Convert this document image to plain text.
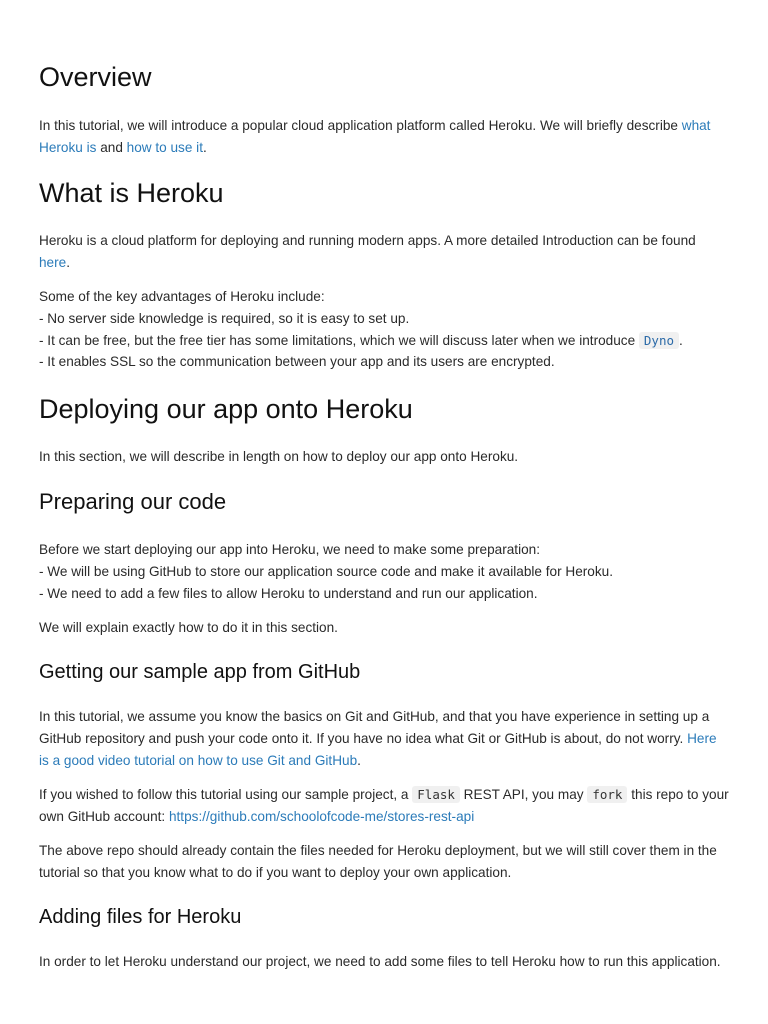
Overview

In this tutorial, we will introduce a popular cloud application platform called Heroku. We will briefly describe what Heroku is and how to use it.

What is Heroku

Heroku is a cloud platform for deploying and running modern apps. A more detailed Introduction can be found here.

Some of the key advantages of Heroku include:
- No server side knowledge is required, so it is easy to set up.
- It can be free, but the free tier has some limitations, which we will discuss later when we introduce Dyno .
- It enables SSL so the communication between your app and its users are encrypted.
Deploying our app onto Heroku

In this section, we will describe in length on how to deploy our app onto Heroku.

Preparing our code
Before we start deploying our app into Heroku, we need to make some preparation:
- We will be using GitHub to store our application source code and make it available for Heroku.
- We need to add a few files to allow Heroku to understand and run our application.

We will explain exactly how to do it in this section.

Getting our sample app from GitHub

In this tutorial, we assume you know the basics on Git and GitHub, and that you have experience in setting up a GitHub repository and push your code onto it. If you have no idea what Git or GitHub is about, do not worry. Here is a good video tutorial on how to use Git and GitHub.

If you wished to follow this tutorial using our sample project, a Flask REST API, you may fork this repo to your own GitHub account: https://github.com/schoolofcode-me/stores-rest-api

The above repo should already contain the files needed for Heroku deployment, but we will still cover them in the tutorial so that you know what to do if you want to deploy your own application.

Adding files for Heroku

In order to let Heroku understand our project, we need to add some files to tell Heroku how to run this application.
